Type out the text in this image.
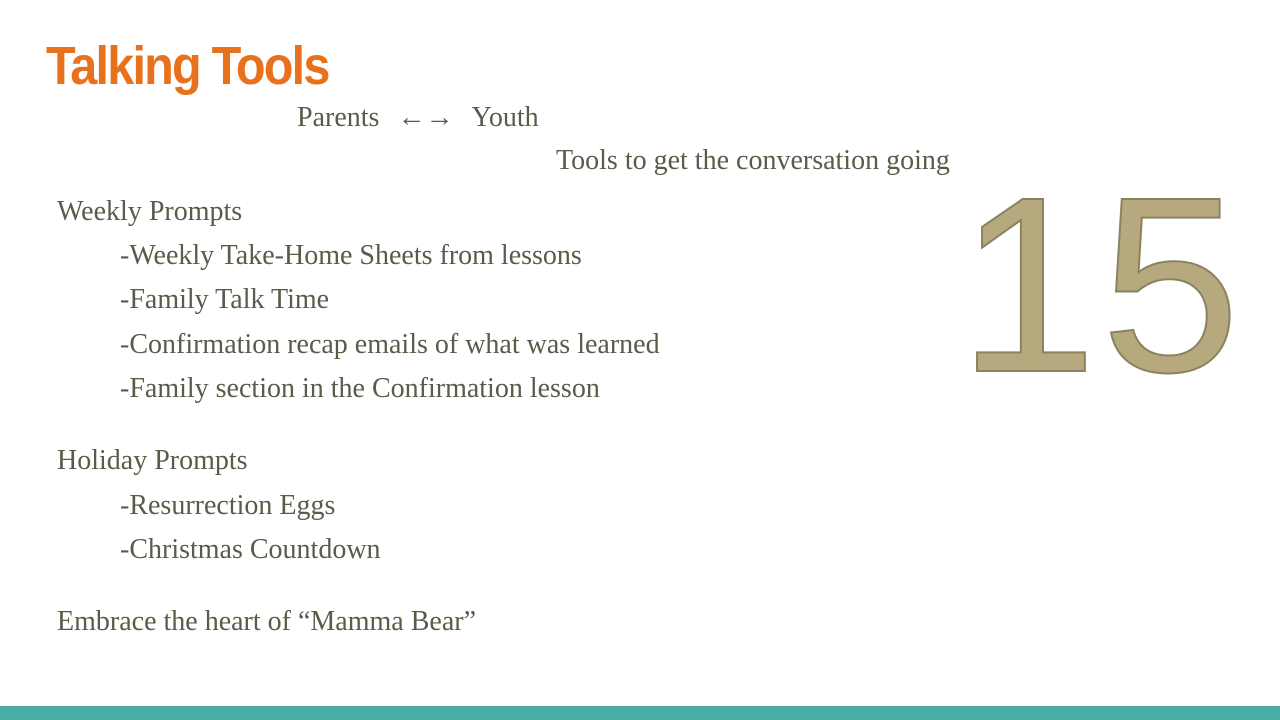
Talking Tools
Parents ←→ Youth
Tools to get the conversation going
Weekly Prompts
-Weekly Take-Home Sheets from lessons
-Family Talk Time
-Confirmation recap emails of what was learned
-Family section in the Confirmation lesson
Holiday Prompts
-Resurrection Eggs
-Christmas Countdown
Embrace the heart of “Mamma Bear”
15
